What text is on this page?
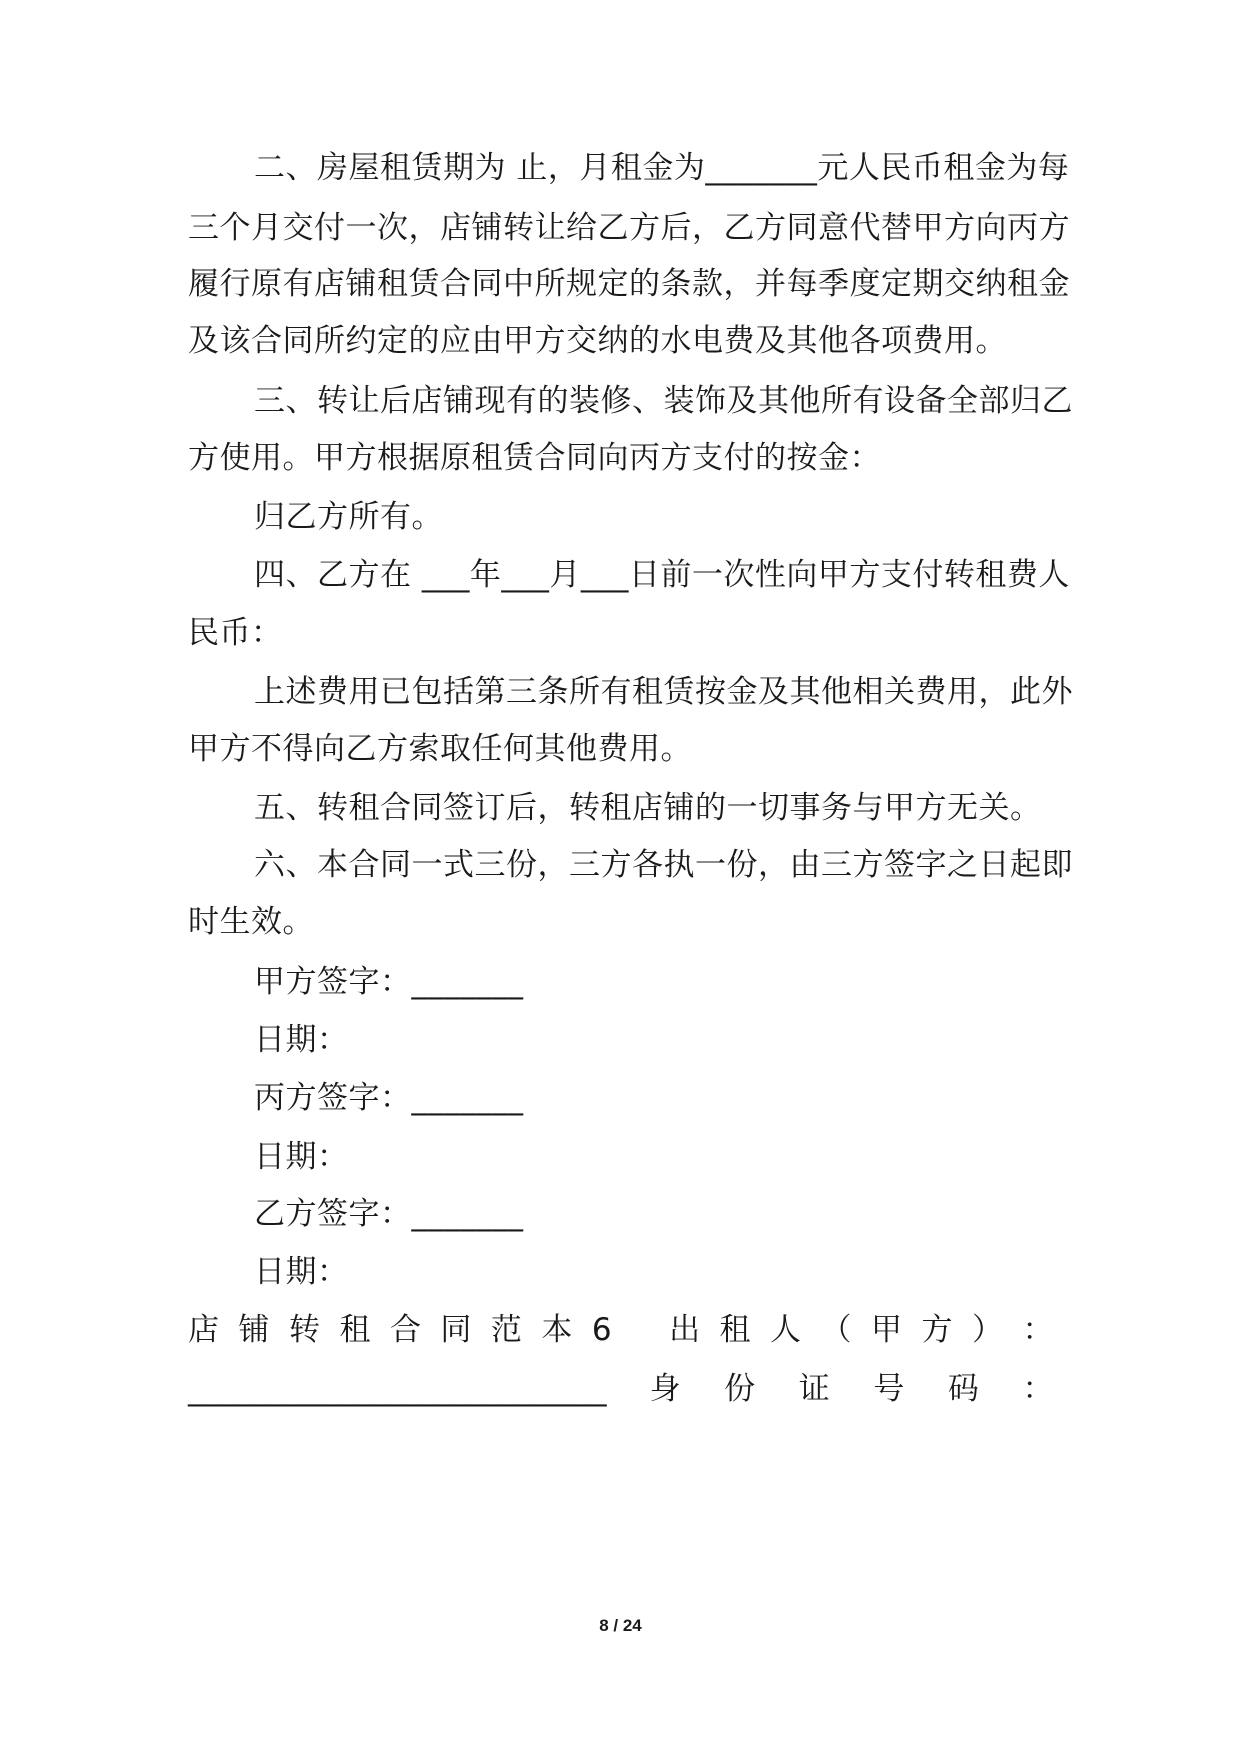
二、房屋租赁期为 止，月租金为_______元人民币租金为每
三个月交付一次，店铺转让给乙方后，乙方同意代替甲方向丙方
履行原有店铺租赁合同中所规定的条款，并每季度定期交纳租金
及该合同所约定的应由甲方交纳的水电费及其他各项费用。
三、转让后店铺现有的装修、装饰及其他所有设备全部归乙
方使用。甲方根据原租赁合同向丙方支付的按金：
归乙方所有。
四、乙方在 ___年___月___日前一次性向甲方支付转租费人
民币：
上述费用已包括第三条所有租赁按金及其他相关费用，此外
甲方不得向乙方索取任何其他费用。
五、转租合同签订后，转租店铺的一切事务与甲方无关。
六、本合同一式三份，三方各执一份，由三方签字之日起即
时生效。
甲方签字：_______
日期：
丙方签字：_______
日期：
乙方签字：_______
日期：
店 铺 转 租 合 同 范 本 6 出 租 人 （ 甲 方 ） ：
___________________________ 身 份 证 号 码 ：
8 / 24
